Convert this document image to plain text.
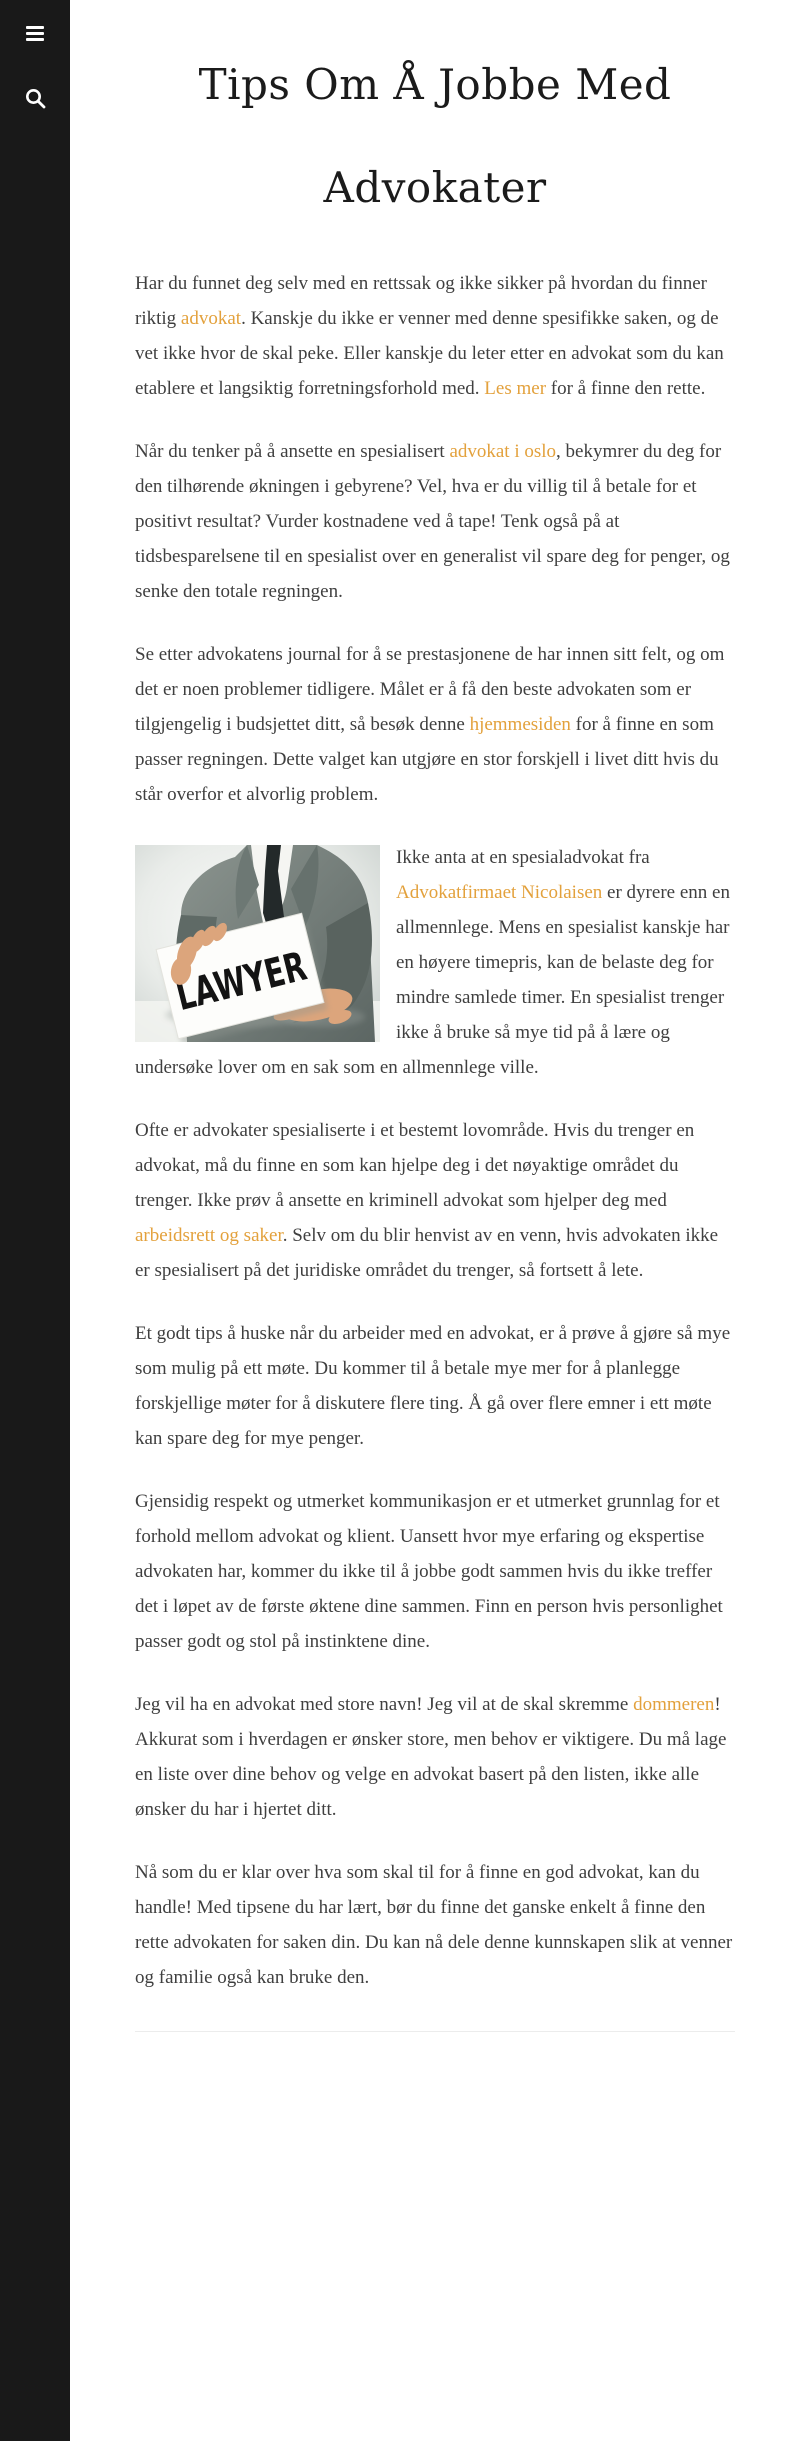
Tips Om Å Jobbe Med Advokater
Har du funnet deg selv med en rettssak og ikke sikker på hvordan du finner riktig advokat. Kanskje du ikke er venner med denne spesifikke saken, og de vet ikke hvor de skal peke. Eller kanskje du leter etter en advokat som du kan etablere et langsiktig forretningsforhold med. Les mer for å finne den rette.
Når du tenker på å ansette en spesialisert advokat i oslo, bekymrer du deg for den tilhørende økningen i gebyrene? Vel, hva er du villig til å betale for et positivt resultat? Vurder kostnadene ved å tape! Tenk også på at tidsbesparelsene til en spesialist over en generalist vil spare deg for penger, og senke den totale regningen.
Se etter advokatens journal for å se prestasjonene de har innen sitt felt, og om det er noen problemer tidligere. Målet er å få den beste advokaten som er tilgjengelig i budsjettet ditt, så besøk denne hjemmesiden for å finne en som passer regningen. Dette valget kan utgjøre en stor forskjell i livet ditt hvis du står overfor et alvorlig problem.
LAWYER
Ikke anta at en spesialadvokat fra Advokatfirmaet Nicolaisen er dyrere enn en allmennlege. Mens en spesialist kanskje har en høyere timepris, kan de belaste deg for mindre samlede timer. En spesialist trenger ikke å bruke så mye tid på å lære og undersøke lover om en sak som en allmennlege ville.
Ofte er advokater spesialiserte i et bestemt lovområde. Hvis du trenger en advokat, må du finne en som kan hjelpe deg i det nøyaktige området du trenger. Ikke prøv å ansette en kriminell advokat som hjelper deg med arbeidsrett og saker. Selv om du blir henvist av en venn, hvis advokaten ikke er spesialisert på det juridiske området du trenger, så fortsett å lete.
Et godt tips å huske når du arbeider med en advokat, er å prøve å gjøre så mye som mulig på ett møte. Du kommer til å betale mye mer for å planlegge forskjellige møter for å diskutere flere ting. Å gå over flere emner i ett møte kan spare deg for mye penger.
Gjensidig respekt og utmerket kommunikasjon er et utmerket grunnlag for et forhold mellom advokat og klient. Uansett hvor mye erfaring og ekspertise advokaten har, kommer du ikke til å jobbe godt sammen hvis du ikke treffer det i løpet av de første øktene dine sammen. Finn en person hvis personlighet passer godt og stol på instinktene dine.
Jeg vil ha en advokat med store navn! Jeg vil at de skal skremme dommeren! Akkurat som i hverdagen er ønsker store, men behov er viktigere. Du må lage en liste over dine behov og velge en advokat basert på den listen, ikke alle ønsker du har i hjertet ditt.
Nå som du er klar over hva som skal til for å finne en god advokat, kan du handle! Med tipsene du har lært, bør du finne det ganske enkelt å finne den rette advokaten for saken din. Du kan nå dele denne kunnskapen slik at venner og familie også kan bruke den.
